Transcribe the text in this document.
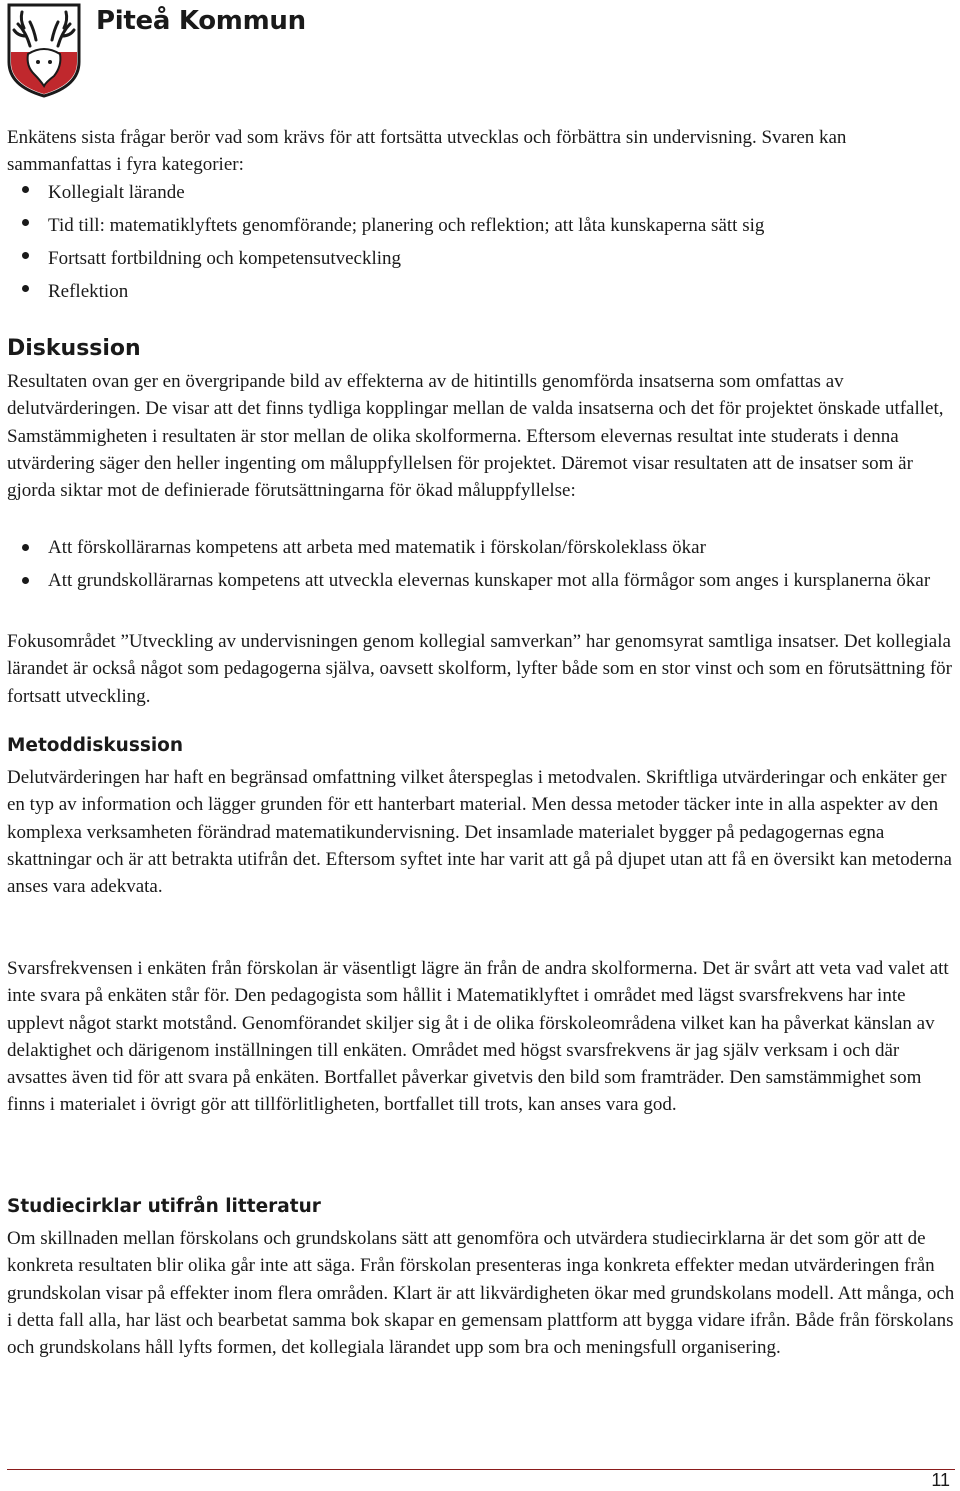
Piteå Kommun

Enkätens sista frågar berör vad som krävs för att fortsätta utvecklas och förbättra sin undervisning. Svaren kan sammanfattas i fyra kategorier:

Kollegialt lärande
Tid till: matematiklyftets genomförande; planering och reflektion; att låta kunskaperna sätt sig
Fortsatt fortbildning och kompetensutveckling
Reflektion
Diskussion

Resultaten ovan ger en övergripande bild av effekterna av de hitintills genomförda insatserna som omfattas av delutvärderingen. De visar att det finns tydliga kopplingar mellan de valda insatserna och det för projektet önskade utfallet, Samstämmigheten i resultaten är stor mellan de olika skolformerna. Eftersom elevernas resultat inte studerats i denna utvärdering säger den heller ingenting om måluppfyllelsen för projektet. Däremot visar resultaten att de insatser som är gjorda siktar mot de definierade förutsättningarna för ökad måluppfyllelse:

Att förskollärarnas kompetens att arbeta med matematik i förskolan/förskoleklass ökar
Att grundskollärarnas kompetens att utveckla elevernas kunskaper mot alla förmågor som anges i kursplanerna ökar

Fokusområdet ”Utveckling av undervisningen genom kollegial samverkan” har genomsyrat samtliga insatser. Det kollegiala lärandet är också något som pedagogerna själva, oavsett skolform, lyfter både som en stor vinst och som en förutsättning för fortsatt utveckling.

Metoddiskussion

Delutvärderingen har haft en begränsad omfattning vilket återspeglas i metodvalen. Skriftliga utvärderingar och enkäter ger en typ av information och lägger grunden för ett hanterbart material. Men dessa metoder täcker inte in alla aspekter av den komplexa verksamheten förändrad matematikundervisning. Det insamlade materialet bygger på pedagogernas egna skattningar och är att betrakta utifrån det. Eftersom syftet inte har varit att gå på djupet utan att få en översikt kan metoderna anses vara adekvata.

Svarsfrekvensen i enkäten från förskolan är väsentligt lägre än från de andra skolformerna. Det är svårt att veta vad valet att inte svara på enkäten står för. Den pedagogista som hållit i Matematiklyftet i området med lägst svarsfrekvens har inte upplevt något starkt motstånd. Genomförandet skiljer sig åt i de olika förskoleområdena vilket kan ha påverkat känslan av delaktighet och därigenom inställningen till enkäten. Området med högst svarsfrekvens är jag själv verksam i och där avsattes även tid för att svara på enkäten. Bortfallet påverkar givetvis den bild som framträder. Den samstämmighet som finns i materialet i övrigt gör att tillförlitligheten, bortfallet till trots, kan anses vara god.

Studiecirklar utifrån litteratur

Om skillnaden mellan förskolans och grundskolans sätt att genomföra och utvärdera studiecirklarna är det som gör att de konkreta resultaten blir olika går inte att säga. Från förskolan presenteras inga konkreta effekter medan utvärderingen från grundskolan visar på effekter inom flera områden. Klart är att likvärdigheten ökar med grundskolans modell. Att många, och i detta fall alla, har läst och bearbetat samma bok skapar en gemensam plattform att bygga vidare ifrån. Både från förskolans och grundskolans håll lyfts formen, det kollegiala lärandet upp som bra och meningsfull organisering.

11
